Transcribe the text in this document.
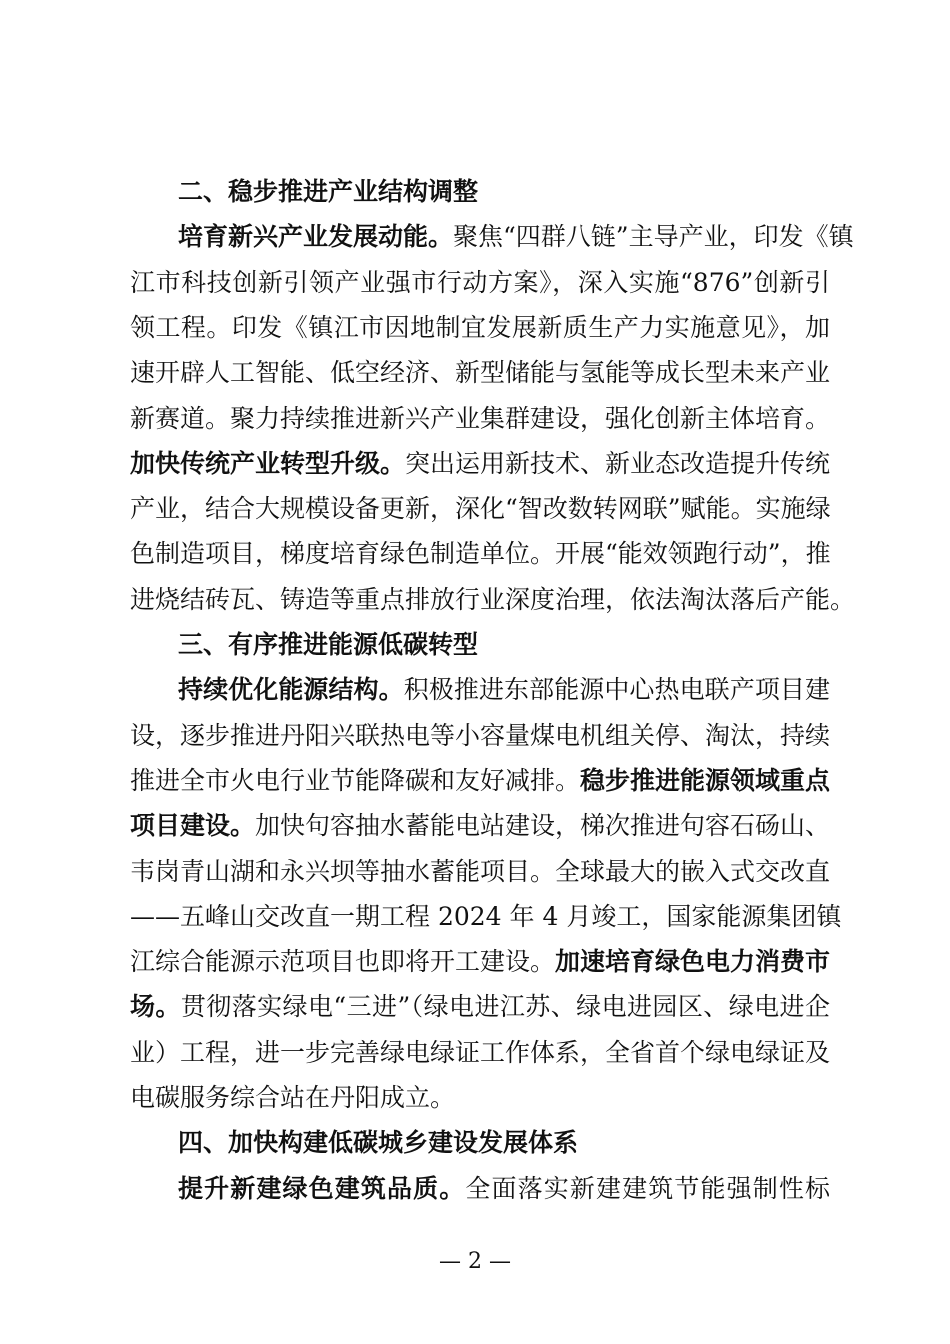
二、稳步推进产业结构调整
培育新兴产业发展动能。聚焦“四群八链”主导产业，印发《镇
江市科技创新引领产业强市行动方案》，深入实施“876”创新引
领工程。印发《镇江市因地制宜发展新质生产力实施意见》，加
速开辟人工智能、低空经济、新型储能与氢能等成长型未来产业
新赛道。聚力持续推进新兴产业集群建设，强化创新主体培育。
加快传统产业转型升级。突出运用新技术、新业态改造提升传统
产业，结合大规模设备更新，深化“智改数转网联”赋能。实施绿
色制造项目，梯度培育绿色制造单位。开展“能效领跑行动”，推
进烧结砖瓦、铸造等重点排放行业深度治理，依法淘汰落后产能。
三、有序推进能源低碳转型
持续优化能源结构。积极推进东部能源中心热电联产项目建
设，逐步推进丹阳兴联热电等小容量煤电机组关停、淘汰，持续
推进全市火电行业节能降碳和友好减排。稳步推进能源领域重点
项目建设。加快句容抽水蓄能电站建设，梯次推进句容石砀山、
韦岗青山湖和永兴坝等抽水蓄能项目。全球最大的嵌入式交改直
——五峰山交改直一期工程 2024 年 4 月竣工，国家能源集团镇
江综合能源示范项目也即将开工建设。加速培育绿色电力消费市
场。贯彻落实绿电“三进”（绿电进江苏、绿电进园区、绿电进企
业）工程，进一步完善绿电绿证工作体系，全省首个绿电绿证及
电碳服务综合站在丹阳成立。
四、加快构建低碳城乡建设发展体系
提升新建绿色建筑品质。全面落实新建建筑节能强制性标
— 2 —
